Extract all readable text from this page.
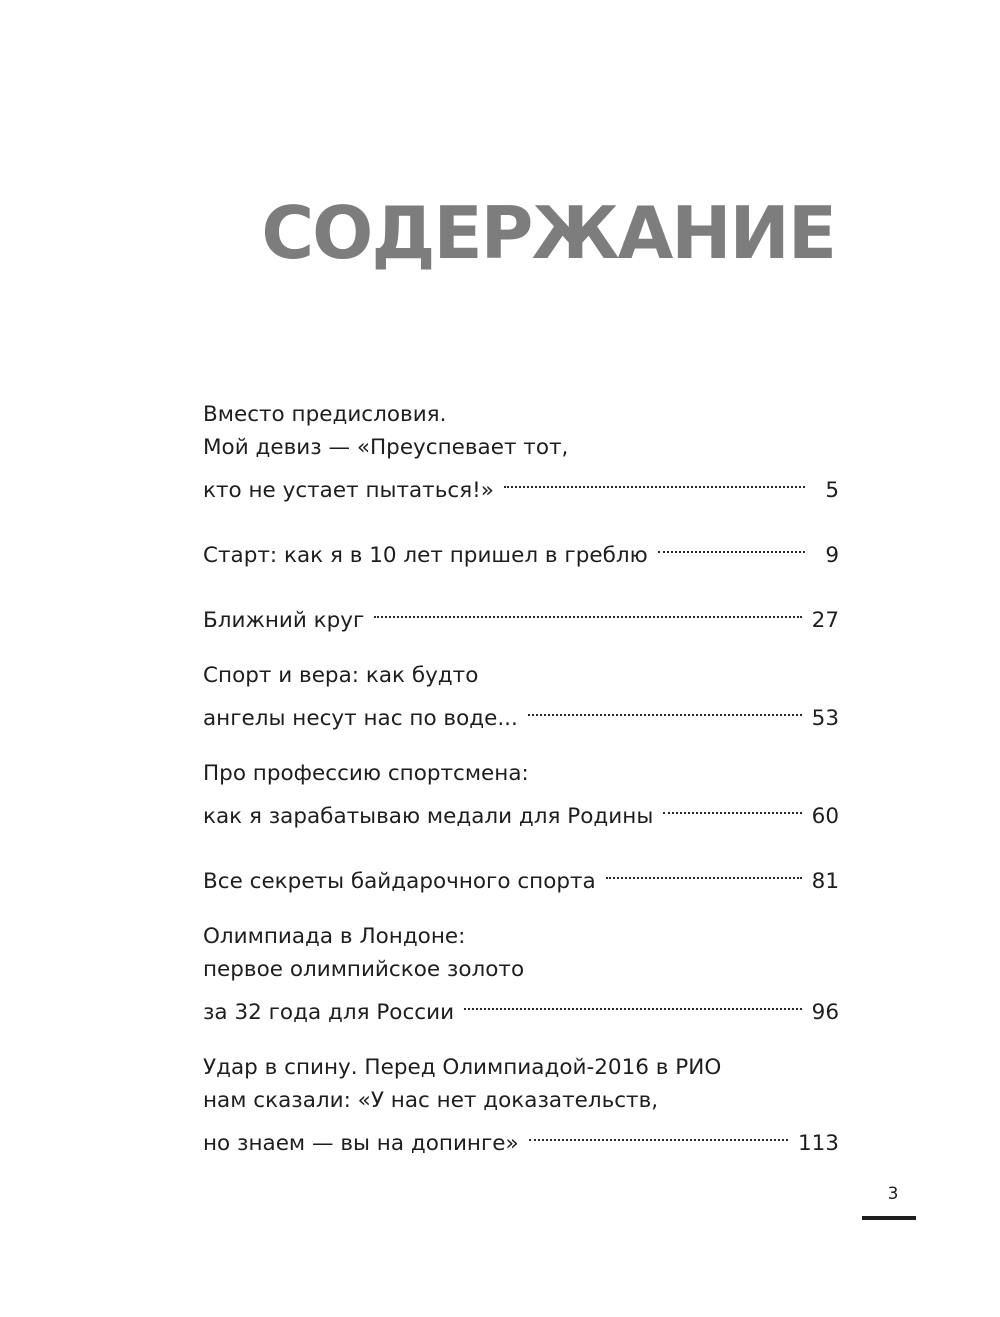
СОДЕРЖАНИЕ
Вместо предисловия.
Мой девиз — «Преуспевает тот,
кто не устает пытаться!»	5
Старт: как я в 10 лет пришел в греблю	9
Ближний круг	27
Спорт и вера: как будто
ангелы несут нас по воде...	53
Про профессию спортсмена:
как я зарабатываю медали для Родины	60
Все секреты байдарочного спорта	81
Олимпиада в Лондоне:
первое олимпийское золото
за 32 года для России	96
Удар в спину. Перед Олимпиадой-2016 в РИО
нам сказали: «У нас нет доказательств,
но знаем — вы на допинге»	113
3
